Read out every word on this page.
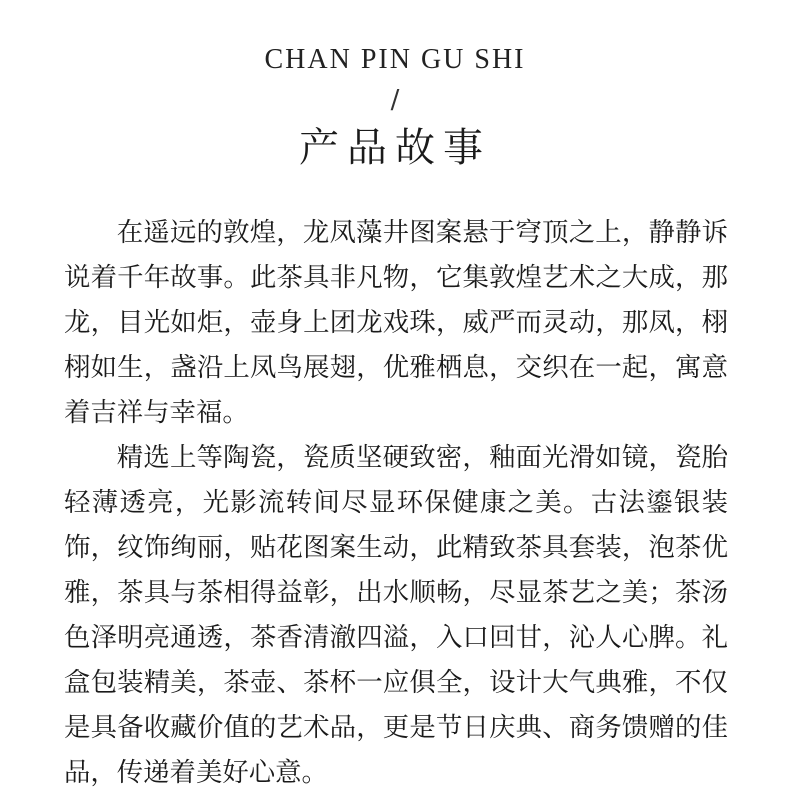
CHAN PIN GU SHI
/
产品故事

在遥远的敦煌，龙凤藻井图案悬于穹顶之上，静静诉说着千年故事。此茶具非凡物，它集敦煌艺术之大成，那龙，目光如炬，壶身上团龙戏珠，威严而灵动，那凤，栩栩如生，盏沿上凤鸟展翅，优雅栖息，交织在一起，寓意着吉祥与幸福。

精选上等陶瓷，瓷质坚硬致密，釉面光滑如镜，瓷胎轻薄透亮，光影流转间尽显环保健康之美。古法鎏银装饰，纹饰绚丽，贴花图案生动，此精致茶具套装，泡茶优雅，茶具与茶相得益彰，出水顺畅，尽显茶艺之美；茶汤色泽明亮通透，茶香清澈四溢，入口回甘，沁人心脾。礼盒包装精美，茶壶、茶杯一应俱全，设计大气典雅，不仅是具备收藏价值的艺术品，更是节日庆典、商务馈赠的佳品，传递着美好心意。
